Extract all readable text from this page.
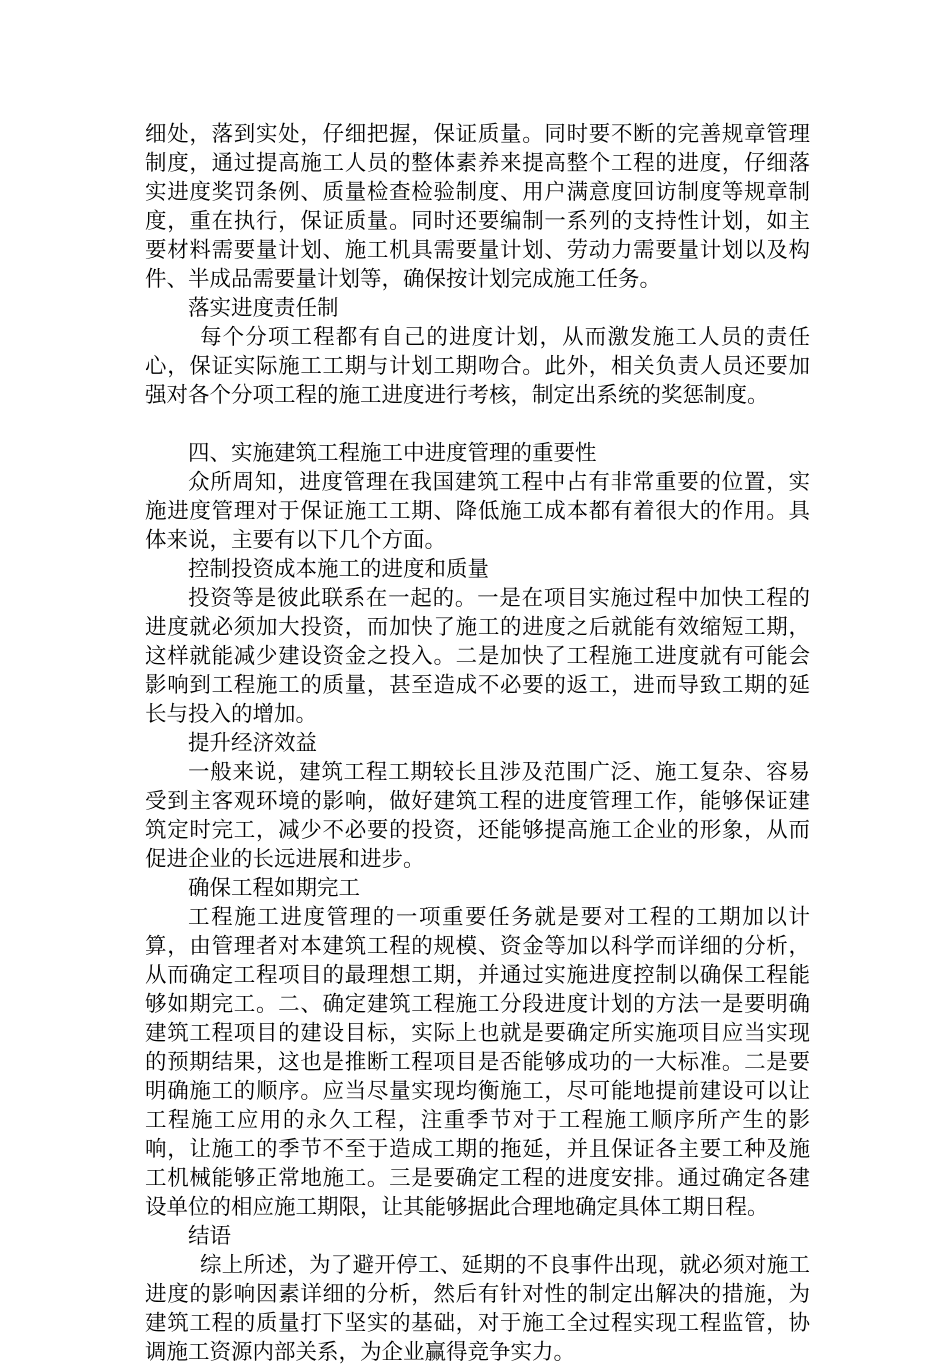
细处，落到实处，仔细把握，保证质量。同时要不断的完善规章管理制度，通过提高施工人员的整体素养来提高整个工程的进度，仔细落实进度奖罚条例、质量检查检验制度、用户满意度回访制度等规章制度，重在执行，保证质量。同时还要编制一系列的支持性计划，如主要材料需要量计划、施工机具需要量计划、劳动力需要量计划以及构件、半成品需要量计划等，确保按计划完成施工任务。

落实进度责任制

每个分项工程都有自己的进度计划，从而激发施工人员的责任心，保证实际施工工期与计划工期吻合。此外，相关负责人员还要加强对各个分项工程的施工进度进行考核，制定出系统的奖惩制度。

四、实施建筑工程施工中进度管理的重要性

众所周知，进度管理在我国建筑工程中占有非常重要的位置，实施进度管理对于保证施工工期、降低施工成本都有着很大的作用。具体来说，主要有以下几个方面。

控制投资成本施工的进度和质量

投资等是彼此联系在一起的。一是在项目实施过程中加快工程的进度就必须加大投资，而加快了施工的进度之后就能有效缩短工期，这样就能减少建设资金之投入。二是加快了工程施工进度就有可能会影响到工程施工的质量，甚至造成不必要的返工，进而导致工期的延长与投入的增加。

提升经济效益

一般来说，建筑工程工期较长且涉及范围广泛、施工复杂、容易受到主客观环境的影响，做好建筑工程的进度管理工作，能够保证建筑定时完工，减少不必要的投资，还能够提高施工企业的形象，从而促进企业的长远进展和进步。

确保工程如期完工

工程施工进度管理的一项重要任务就是要对工程的工期加以计算，由管理者对本建筑工程的规模、资金等加以科学而详细的分析，从而确定工程项目的最理想工期，并通过实施进度控制以确保工程能够如期完工。二、确定建筑工程施工分段进度计划的方法一是要明确建筑工程项目的建设目标，实际上也就是要确定所实施项目应当实现的预期结果，这也是推断工程项目是否能够成功的一大标准。二是要明确施工的顺序。应当尽量实现均衡施工，尽可能地提前建设可以让工程施工应用的永久工程，注重季节对于工程施工顺序所产生的影响，让施工的季节不至于造成工期的拖延，并且保证各主要工种及施工机械能够正常地施工。三是要确定工程的进度安排。通过确定各建设单位的相应施工期限，让其能够据此合理地确定具体工期日程。

结语

综上所述，为了避开停工、延期的不良事件出现，就必须对施工进度的影响因素详细的分析，然后有针对性的制定出解决的措施，为建筑工程的质量打下坚实的基础，对于施工全过程实现工程监管，协调施工资源内部关系，为企业赢得竞争实力。
